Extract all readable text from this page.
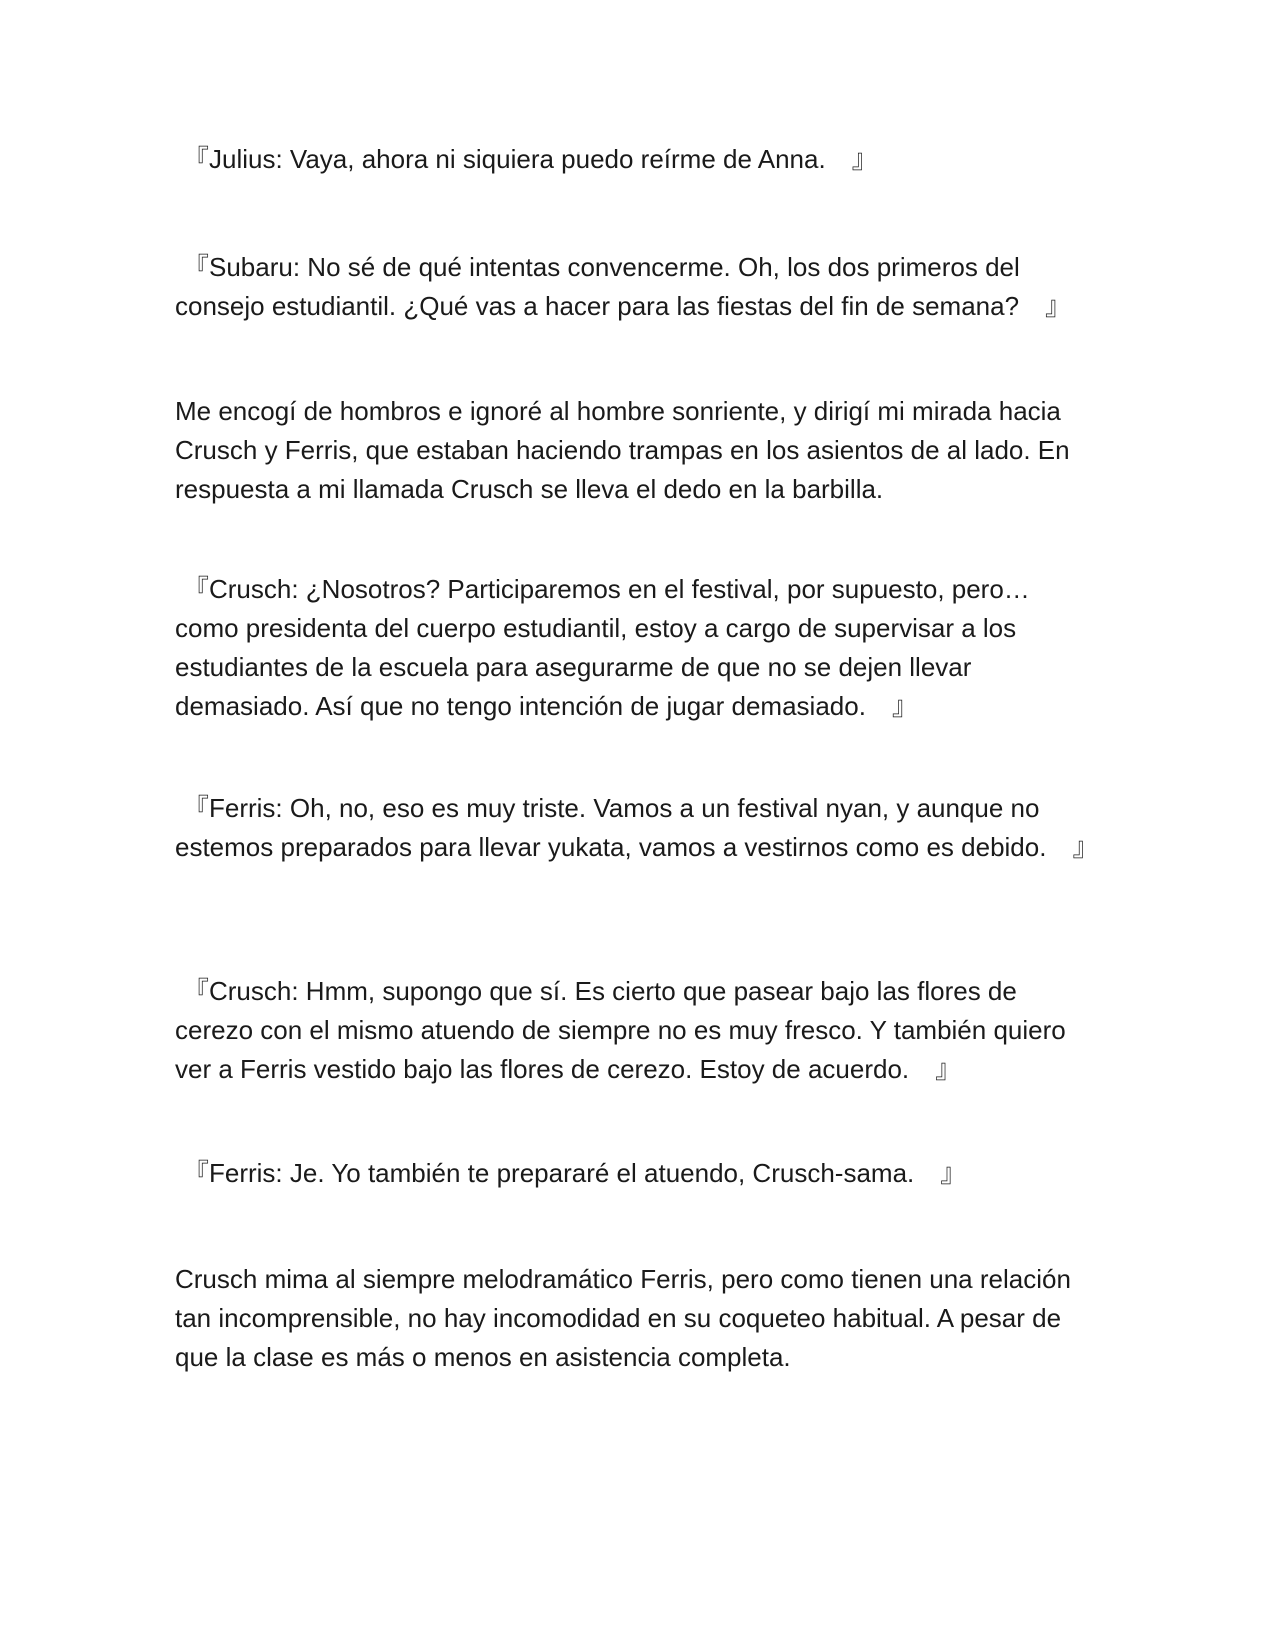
『Julius: Vaya, ahora ni siquiera puedo reírme de Anna.　』

『Subaru: No sé de qué intentas convencerme. Oh, los dos primeros del consejo estudiantil. ¿Qué vas a hacer para las fiestas del fin de semana?　』

Me encogí de hombros e ignoré al hombre sonriente, y dirigí mi mirada hacia Crusch y Ferris, que estaban haciendo trampas en los asientos de al lado. En respuesta a mi llamada Crusch se lleva el dedo en la barbilla.

『Crusch: ¿Nosotros? Participaremos en el festival, por supuesto, pero… como presidenta del cuerpo estudiantil, estoy a cargo de supervisar a los estudiantes de la escuela para asegurarme de que no se dejen llevar demasiado. Así que no tengo intención de jugar demasiado.　』

『Ferris: Oh, no, eso es muy triste. Vamos a un festival nyan, y aunque no estemos preparados para llevar yukata, vamos a vestirnos como es debido.　』

『Crusch: Hmm, supongo que sí. Es cierto que pasear bajo las flores de cerezo con el mismo atuendo de siempre no es muy fresco. Y también quiero ver a Ferris vestido bajo las flores de cerezo. Estoy de acuerdo.　』

『Ferris: Je. Yo también te prepararé el atuendo, Crusch-sama.　』

Crusch mima al siempre melodramático Ferris, pero como tienen una relación tan incomprensible, no hay incomodidad en su coqueteo habitual. A pesar de que la clase es más o menos en asistencia completa.
